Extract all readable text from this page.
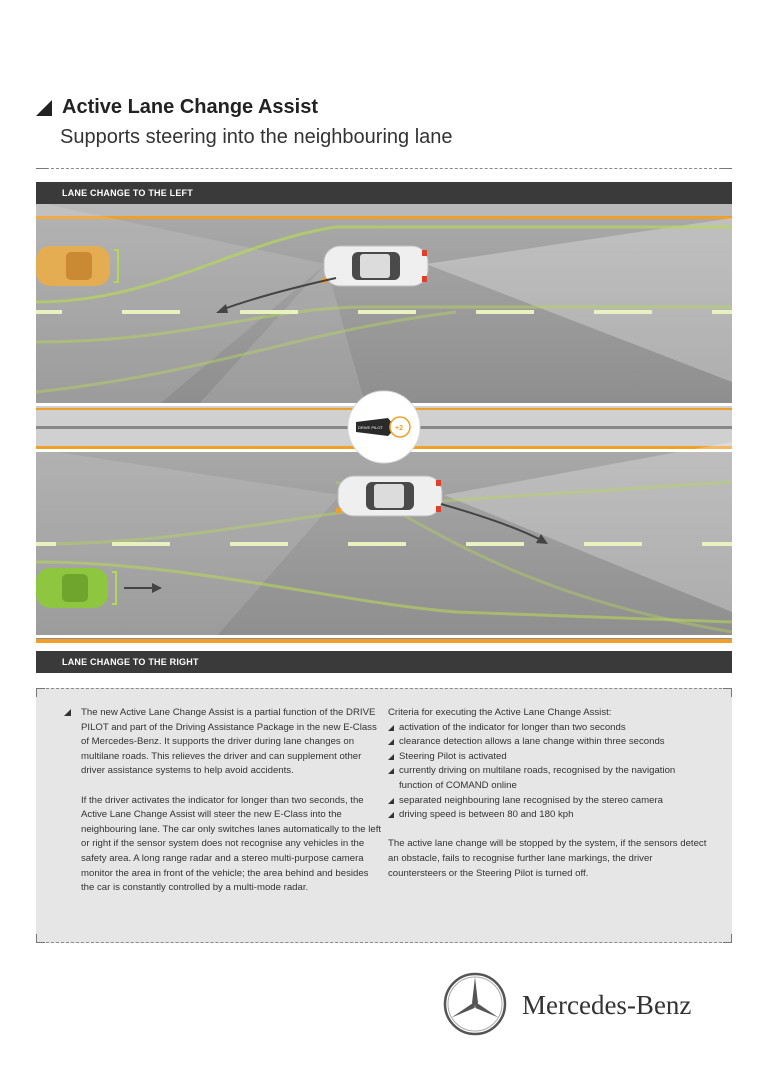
Active Lane Change Assist
Supports steering into the neighbouring lane
DRIVE PILOT +2
LANE CHANGE TO THE LEFT
LANE CHANGE TO THE RIGHT

The new Active Lane Change Assist is a partial function of the DRIVE PILOT and part of the Driving Assistance Package in the new E-Class of Mercedes-Benz. It supports the driver during lane changes on multilane roads. This relieves the driver and can supplement other driver assistance systems to help avoid accidents.

If the driver activates the indicator for longer than two seconds, the Active Lane Change Assist will steer the new E-Class into the neighbouring lane. The car only switches lanes automatically to the left or right if the sensor system does not recognise any vehicles in the safety area. A long range radar and a stereo multi-purpose camera monitor the area in front of the vehicle; the area behind and besides the car is constantly controlled by a multi-mode radar.

Criteria for executing the Active Lane Change Assist:

activation of the indicator for longer than two seconds
clearance detection allows a lane change within three seconds
Steering Pilot is activated
currently driving on multilane roads, recognised by the navigation function of COMAND online
separated neighbouring lane recognised by the stereo camera
driving speed is between 80 and 180 kph

The active lane change will be stopped by the system, if the sensors detect an obstacle, fails to recognise further lane markings, the driver countersteers or the Steering Pilot is turned off.

Mercedes-Benz
